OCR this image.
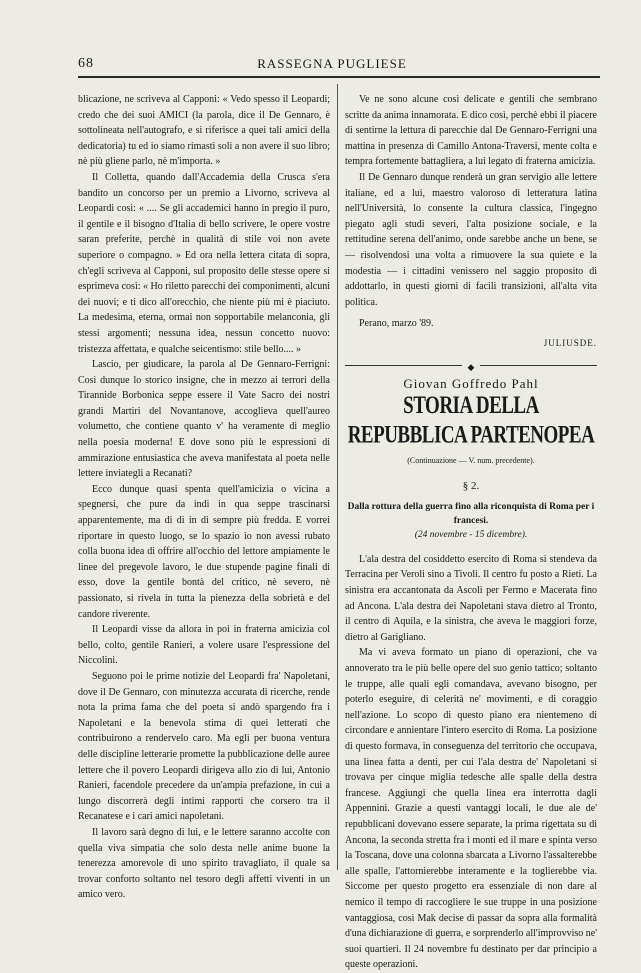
68	RASSEGNA PUGLIESE

blicazione, ne scriveva al Capponi: « Vedo spesso il Leopardi; credo che dei suoi AMICI (la parola, dice il De Gennaro, è sottolineata nell'autografo, e si riferisce a quei tali amici della dedicatoria) tu ed io siamo rimasti soli a non avere il suo libro; nè più gliene parlo, nè m'importa. »

Il Colletta, quando dall'Accademia della Crusca s'era bandito un concorso per un premio a Livorno, scriveva al Leopardi così: « .... Se gli accademici hanno in pregio il puro, il gentile e il bisogno d'Italia di bello scrivere, le opere vostre saran preferite, perchè in qualità di stile voi non avete superiore o compagno. » Ed ora nella lettera citata di sopra, ch'egli scriveva al Capponi, sul proposito delle stesse opere si esprimeva così: « Ho riletto parecchi dei componimenti, alcuni dei nuovi; e ti dico all'orecchio, che niente più mi è piaciuto. La medesima, eterna, ormai non sopportabile melanconia, gli stessi argomenti; nessuna idea, nessun concetto nuovo: tristezza affettata, e qualche seicentismo: stile bello.... »

Lascio, per giudicare, la parola al De Gennaro-Ferrigni: Così dunque lo storico insigne, che in mezzo ai terrori della Tirannide Borbonica seppe essere il Vate Sacro dei nostri grandi Martiri del Novantanove, accoglieva quell'aureo volumetto, che contiene quanto v' ha veramente di meglio nella poesia moderna! E dove sono più le espressioni di ammirazione entusiastica che aveva manifestata al poeta nelle lettere inviategli a Recanati?

Ecco dunque quasi spenta quell'amicizia o vicina a spegnersi, che pure da indi in qua seppe trascinarsi apparentemente, ma di di in di sempre più fredda. E vorrei riportare in questo luogo, se lo spazio io non avessi rubato colla buona idea di offrire all'occhio del lettore ampiamente le linee del pregevole lavoro, le due stupende pagine finali di esso, dove la gentile bontà del critico, nè severo, nè passionato, si rivela in tutta la pienezza della sobrietà e del candore riverente.

Il Leopardi visse da allora in poi in fraterna amicizia col bello, colto, gentile Ranieri, a volere usare l'espressione del Niccolini.

Seguono poi le prime notizie del Leopardi fra' Napoletani, dove il De Gennaro, con minutezza accurata di ricerche, rende nota la prima fama che del poeta si andò spargendo fra i Napoletani e la benevola stima di quei letterati che contribuirono a rendervelo caro. Ma egli per buona ventura delle discipline letterarie promette la pubblicazione delle auree lettere che il povero Leopardi dirigeva allo zio di lui, Antonio Ranieri, facendole precedere da un'ampia prefazione, in cui a lungo discorrerà degli intimi rapporti che corsero tra il Recanatese e i cari amici napoletani.

Il lavoro sarà degno di lui, e le lettere saranno accolte con quella viva simpatia che solo desta nelle anime buone la tenerezza amorevole di uno spirito travagliato, il quale sa trovar conforto soltanto nel tesoro degli affetti viventi in un amico vero.

Ve ne sono alcune così delicate e gentili che sembrano scritte da anima innamorata. E dico così, perchè ebbi il piacere di sentirne la lettura di parecchie dal De Gennaro-Ferrigni una mattina in presenza di Camillo Antona-Traversi, mente colta e tempra fortemente battagliera, a lui legato di fraterna amicizia.

Il De Gennaro dunque renderà un gran servigio alle lettere italiane, ed a lui, maestro valoroso di letteratura latina nell'Università, lo consente la cultura classica, l'ingegno piegato agli studi severi, l'alta posizione sociale, e la rettitudine serena dell'animo, onde sarebbe anche un bene, se — risolvendosi una volta a rimuovere la sua quiete e la modestia — i cittadini venissero nel saggio proposito di addottarlo, in questi giorni di facili transizioni, all'alta vita politica.

Perano, marzo '89.

JULIUSDE.
◆
Giovan Goffredo Pahl
STORIA DELLA REPUBBLICA PARTENOPEA
(Continuazione — V. num. precedente).
§ 2.
Dalla rottura della guerra fino alla riconquista di Roma per i francesi.
(24 novembre - 15 dicembre).

L'ala destra del cosiddetto esercito di Roma si stendeva da Terracina per Veroli sino a Tivoli. Il centro fu posto a Rieti. La sinistra era accantonata da Ascoli per Fermo e Macerata fino ad Ancona. L'ala destra dei Napoletani stava dietro al Tronto, il centro di Aquila, e la sinistra, che aveva le maggiori forze, dietro al Garigliano.

Ma vi aveva formato un piano di operazioni, che va annoverato tra le più belle opere del suo genio tattico; soltanto le truppe, alle quali egli comandava, avevano bisogno, per poterlo eseguire, di celerità ne' movimenti, e di coraggio nell'azione. Lo scopo di questo piano era nientemeno di circondare e annientare l'intero esercito di Roma. La posizione di questo formava, in conseguenza del territorio che occupava, una linea fatta a denti, per cui l'ala destra de' Napoletani si trovava per cinque miglia tedesche alle spalle della destra francese. Aggiungi che quella linea era interrotta dagli Appennini. Grazie a questi vantaggi locali, le due ale de' repubblicani dovevano essere separate, la prima rigettata su di Ancona, la seconda stretta fra i monti ed il mare e spinta verso la Toscana, dove una colonna sbarcata a Livorno l'assalterebbe alle spalle, l'attornierebbe interamente e la toglierebbe via. Siccome per questo progetto era essenziale di non dare al nemico il tempo di raccogliere le sue truppe in una posizione vantaggiosa, così Mak decise di passar da sopra alla formalità d'una dichiarazione di guerra, e sorprenderlo all'improvviso ne' suoi quartieri. Il 24 novembre fu destinato per dar principio a queste operazioni.
